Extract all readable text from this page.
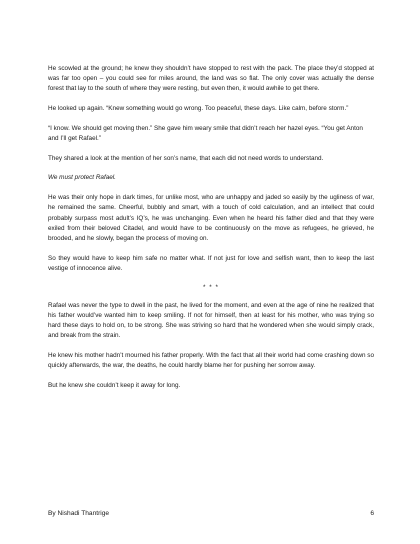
He scowled at the ground; he knew they shouldn’t have stopped to rest with the pack. The place they’d stopped at was far too open – you could see for miles around, the land was so flat. The only cover was actually the dense forest that lay to the south of where they were resting, but even then, it would awhile to get there.

He looked up again. “Knew something would go wrong. Too peaceful, these days. Like calm, before storm.”

“I know. We should get moving then.” She gave him weary smile that didn’t reach her hazel eyes. “You get Anton and I’ll get Rafael.”

They shared a look at the mention of her son’s name, that each did not need words to understand.

We must protect Rafael.

He was their only hope in dark times, for unlike most, who are unhappy and jaded so easily by the ugliness of war, he remained the same. Cheerful, bubbly and smart, with a touch of cold calculation, and an intellect that could probably surpass most adult’s IQ’s, he was unchanging. Even when he heard his father died and that they were exiled from their beloved Citadel, and would have to be continuously on the move as refugees, he grieved, he brooded, and he slowly, began the process of moving on.

So they would have to keep him safe no matter what. If not just for love and selfish want, then to keep the last vestige of innocence alive.

* * *

Rafael was never the type to dwell in the past, he lived for the moment, and even at the age of nine he realized that his father would’ve wanted him to keep smiling. If not for himself, then at least for his mother, who was trying so hard these days to hold on, to be strong. She was striving so hard that he wondered when she would simply crack, and break from the strain.

He knew his mother hadn’t mourned his father properly. With the fact that all their world had come crashing down so quickly afterwards, the war, the deaths, he could hardly blame her for pushing her sorrow away.

But he knew she couldn’t keep it away for long.

By Nishadi Thantrige	6
